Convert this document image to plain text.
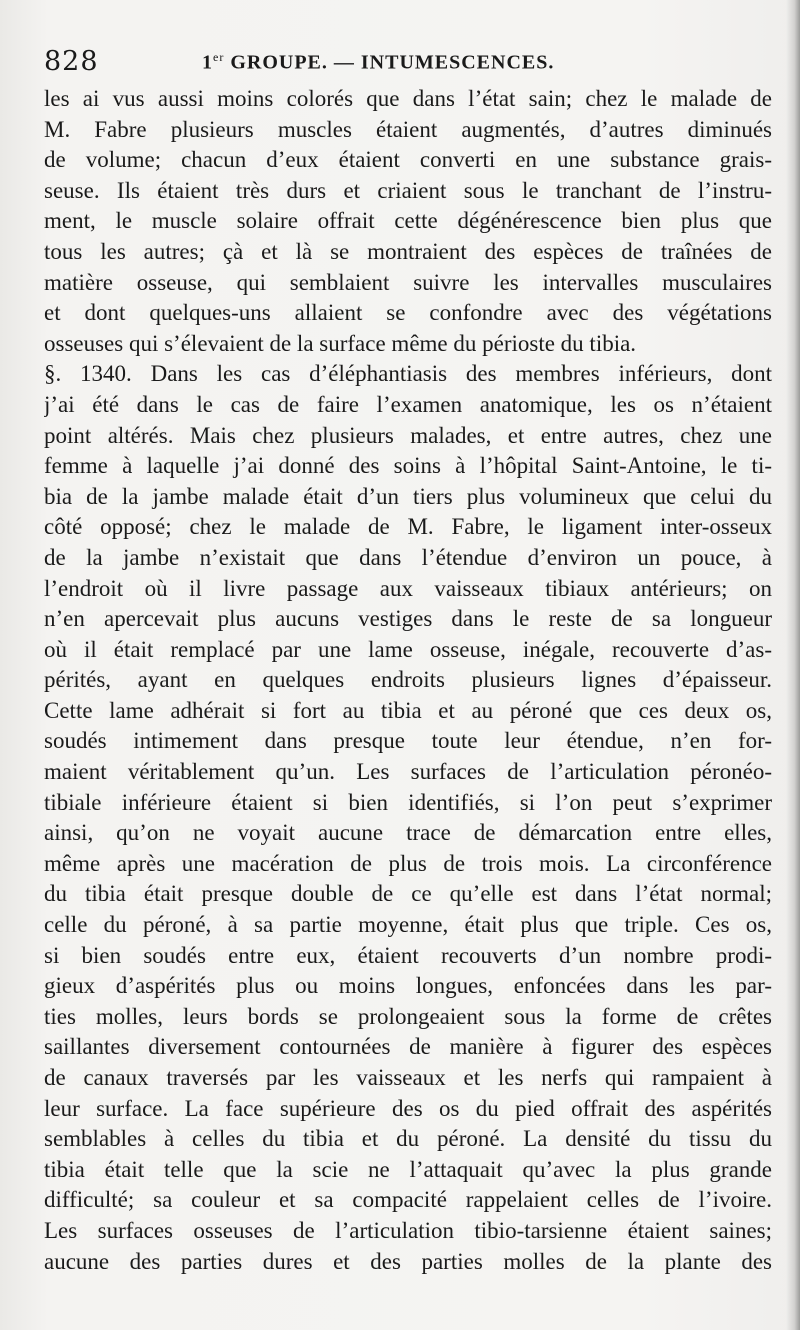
828	1er GROUPE. — INTUMESCENCES.
les ai vus aussi moins colorés que dans l’état sain; chez le malade de
M. Fabre plusieurs muscles étaient augmentés, d’autres diminués
de volume; chacun d’eux étaient converti en une substance grais-
seuse. Ils étaient très durs et criaient sous le tranchant de l’instru-
ment, le muscle solaire offrait cette dégénérescence bien plus que
tous les autres; çà et là se montraient des espèces de traînées de
matière osseuse, qui semblaient suivre les intervalles musculaires
et dont quelques-uns allaient se confondre avec des végétations
osseuses qui s’élevaient de la surface même du périoste du tibia.
§. 1340. Dans les cas d’éléphantiasis des membres inférieurs, dont
j’ai été dans le cas de faire l’examen anatomique, les os n’étaient
point altérés. Mais chez plusieurs malades, et entre autres, chez une
femme à laquelle j’ai donné des soins à l’hôpital Saint-Antoine, le ti-
bia de la jambe malade était d’un tiers plus volumineux que celui du
côté opposé; chez le malade de M. Fabre, le ligament inter-osseux
de la jambe n’existait que dans l’étendue d’environ un pouce, à
l’endroit où il livre passage aux vaisseaux tibiaux antérieurs; on
n’en apercevait plus aucuns vestiges dans le reste de sa longueur
où il était remplacé par une lame osseuse, inégale, recouverte d’as-
pérités, ayant en quelques endroits plusieurs lignes d’épaisseur.
Cette lame adhérait si fort au tibia et au péroné que ces deux os,
soudés intimement dans presque toute leur étendue, n’en for-
maient véritablement qu’un. Les surfaces de l’articulation péronéo-
tibiale inférieure étaient si bien identifiés, si l’on peut s’exprimer
ainsi, qu’on ne voyait aucune trace de démarcation entre elles,
même après une macération de plus de trois mois. La circonférence
du tibia était presque double de ce qu’elle est dans l’état normal;
celle du péroné, à sa partie moyenne, était plus que triple. Ces os,
si bien soudés entre eux, étaient recouverts d’un nombre prodi-
gieux d’aspérités plus ou moins longues, enfoncées dans les par-
ties molles, leurs bords se prolongeaient sous la forme de crêtes
saillantes diversement contournées de manière à figurer des espèces
de canaux traversés par les vaisseaux et les nerfs qui rampaient à
leur surface. La face supérieure des os du pied offrait des aspérités
semblables à celles du tibia et du péroné. La densité du tissu du
tibia était telle que la scie ne l’attaquait qu’avec la plus grande
difficulté; sa couleur et sa compacité rappelaient celles de l’ivoire.
Les surfaces osseuses de l’articulation tibio-tarsienne étaient saines;
aucune des parties dures et des parties molles de la plante des
